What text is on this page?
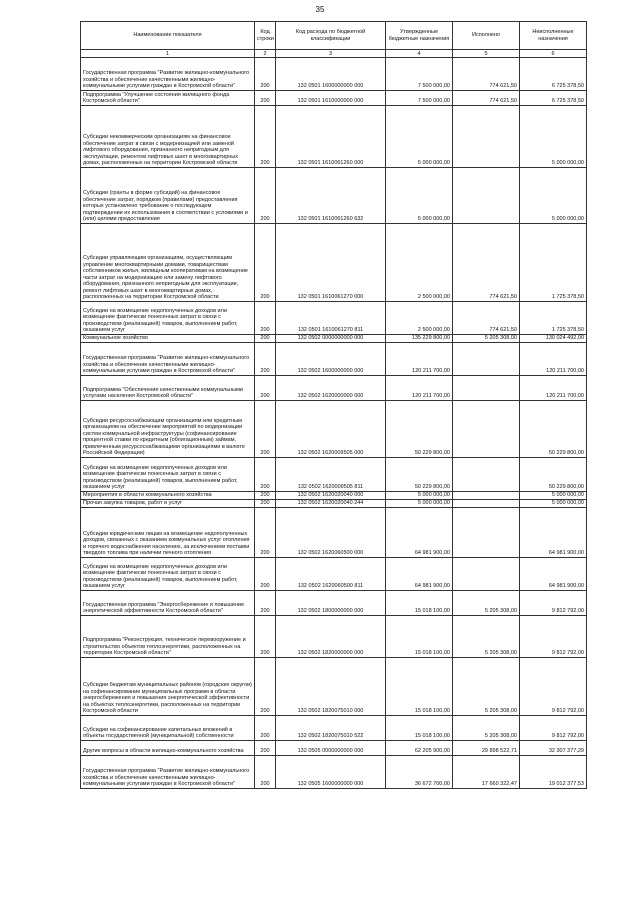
35
Наименование показателя	Код строки	Код расхода по бюджетной классификации	Утвержденные бюджетные назначения	Исполнено	Неисполненные назначения
1	2	3	4	5	6
Государственная программа "Развитие жилищно-коммунального хозяйства и обеспечение качественными жилищно-коммунальными услугами граждан в Костромской области"	200	132 0501 1600000000 000	7 500 000,00	774 621,50	6 725 378,50
Подпрограмма "Улучшение состояния жилищного фонда Костромской области"	200	132 0501 1610000000 000	7 500 000,00	774 621,50	6 725 378,50
Субсидии некоммерческим организациям на финансовое обеспечение затрат в связи с модернизацией или заменой лифтового оборудования, признанного непригодным для эксплуатации, ремонтом лифтовых шахт в многоквартирных домах, расположенных на территории Костромской области	200	132 0501 1610061260 000	5 000 000,00		5 000 000,00
Субсидии (гранты в форме субсидий) на финансовое обеспечение затрат, порядком (правилами) предоставления которых установлено требование о последующем подтверждении их использования в соответствии с условиями и (или) целями предоставления	200	132 0501 1610061260 632	5 000 000,00		5 000 000,00
Субсидии управляющим организациям, осуществляющим управление многоквартирными домами, товариществам собственников жилья, жилищным кооперативам на возмещение части затрат на модернизацию или замену лифтового оборудования, признанного непригодным для эксплуатации, ремонт лифтовых шахт в многоквартирных домах, расположенных на территории Костромской области	200	132 0501 1610061270 000	2 500 000,00	774 621,50	1 725 378,50
Субсидии на возмещение недополученных доходов или возмещение фактически понесенных затрат в связи с производством (реализацией) товаров, выполнением работ, оказанием услуг	200	132 0501 1610061270 811	2 500 000,00	774 621,50	1 725 378,50
Коммунальное хозяйство	200	132 0502 0000000000 000	135 229 800,00	5 205 308,00	130 024 492,00
Государственная программа "Развитие жилищно-коммунального хозяйства и обеспечение качественными жилищно-коммунальными услугами граждан в Костромской области"	200	132 0502 1600000000 000	120 211 700,00		120 211 700,00
Подпрограмма "Обеспечение качественными коммунальными услугами населения Костромской области"	200	132 0502 1620000000 000	120 211 700,00		120 211 700,00
Субсидии ресурсоснабжающим организациям или кредитным организациям на обеспечение мероприятий по модернизации систем коммунальной инфраструктуры (софинансирование процентной ставки по кредитным (облигационным) займам, привлеченным ресурсоснабжающими организациями в валюте Российской Федерации)	200	132 0502 1620009505 000	50 229 800,00		50 229 800,00
Субсидии на возмещение недополученных доходов или возмещение фактически понесенных затрат в связи с производством (реализацией) товаров, выполнением работ, оказанием услуг	200	132 0502 1620009505 811	50 229 800,00		50 229 800,00
Мероприятия в области коммунального хозяйства	200	132 0502 1620020040 000	5 000 000,00		5 000 000,00
Прочая закупка товаров, работ и услуг	200	132 0502 1620020040 244	5 000 000,00		5 000 000,00
Субсидии юридическим лицам на возмещение недополученных доходов, связанных с оказанием коммунальных услуг отопления и горячего водоснабжения населению, за исключением поставки твердого топлива при наличии печного отопления	200	132 0502 1620060500 000	64 981 900,00		64 981 900,00
Субсидии на возмещение недополученных доходов или возмещение фактически понесенных затрат в связи с производством (реализацией) товаров, выполнением работ, оказанием услуг	200	132 0502 1620060500 811	64 981 900,00		64 981 900,00
Государственная программа "Энергосбережение и повышение энергетической эффективности Костромской области"	200	132 0502 1800000000 000	15 018 100,00	5 205 308,00	9 812 792,00
Подпрограмма "Реконструкция, техническое перевооружение и строительство объектов теплоэнергетики, расположенных на территории Костромской области"	200	132 0502 1820000000 000	15 018 100,00	5 205 308,00	9 812 792,00
Субсидии бюджетам муниципальных районов (городских округов) на софинансирование муниципальных программ в области энергосбережения и повышения энергетической эффективности на объектах теплоэнергетики, расположенных на территории Костромской области	200	132 0502 1820075010 000	15 018 100,00	5 205 308,00	9 812 792,00
Субсидии на софинансирование капитальных вложений в объекты государственной (муниципальной) собственности	200	132 0502 1820075010 522	15 018 100,00	5 205 308,00	9 812 792,00
Другие вопросы в области жилищно-коммунального хозяйства	200	132 0505 0000000000 000	62 205 900,00	29 898 522,71	32 307 377,29
Государственная программа "Развитие жилищно-коммунального хозяйства и обеспечение качественными жилищно-коммунальными услугами граждан в Костромской области"	200	132 0505 1600000000 000	36 672 700,00	17 660 322,47	19 012 377,53
